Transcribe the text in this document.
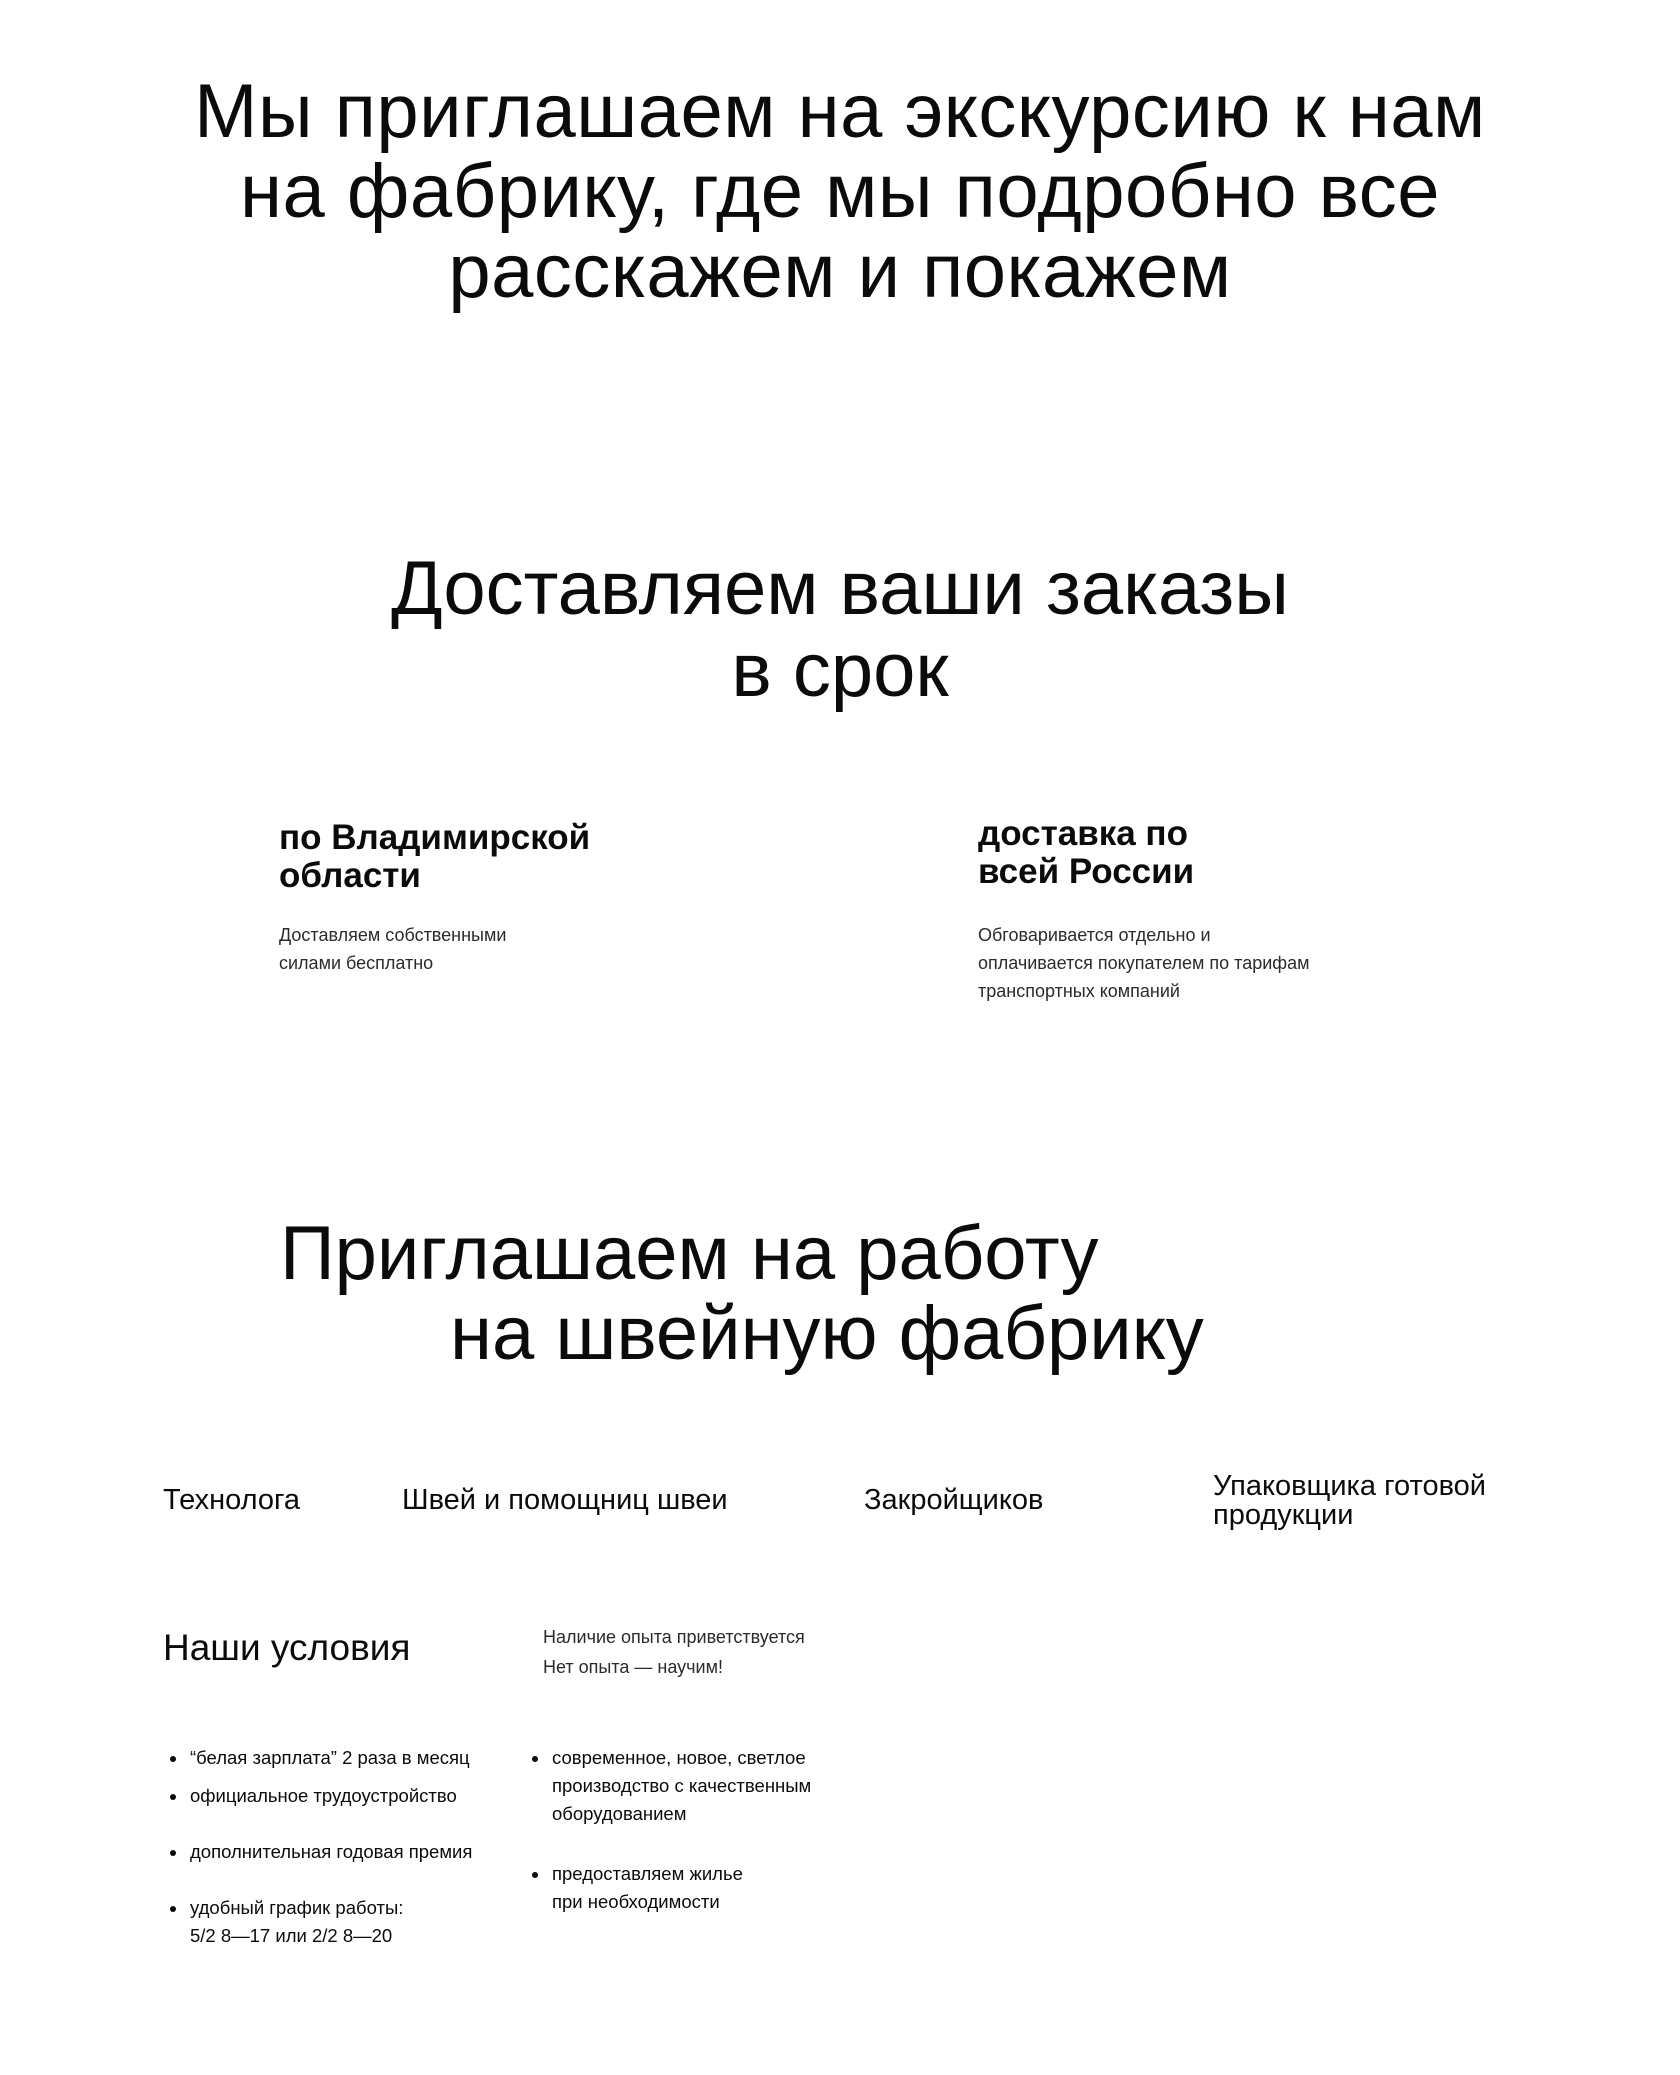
Мы приглашаем на экскурсию к нам
на фабрику, где мы подробно все
расскажем и покажем
Доставляем ваши заказы
в срок
по Владимирской
области

Доставляем собственными
силами бесплатно

доставка по
всей России

Обговаривается отдельно и
оплачивается покупателем по тарифам
транспортных компаний

Приглашаем на работу
на швейную фабрику
Технолога	Швей и помощниц швеи	Закройщиков	Упаковщика готовой
продукции
Наши условия	Наличие опыта приветствуется
Нет опыта — научим!

“белая зарплата” 2 раза в месяц
официальное трудоустройство
дополнительная годовая премия
удобный график работы:
5/2 8—17 или 2/2 8—20
современное, новое, светлое
производство с качественным
оборудованием
предоставляем жилье
при необходимости
